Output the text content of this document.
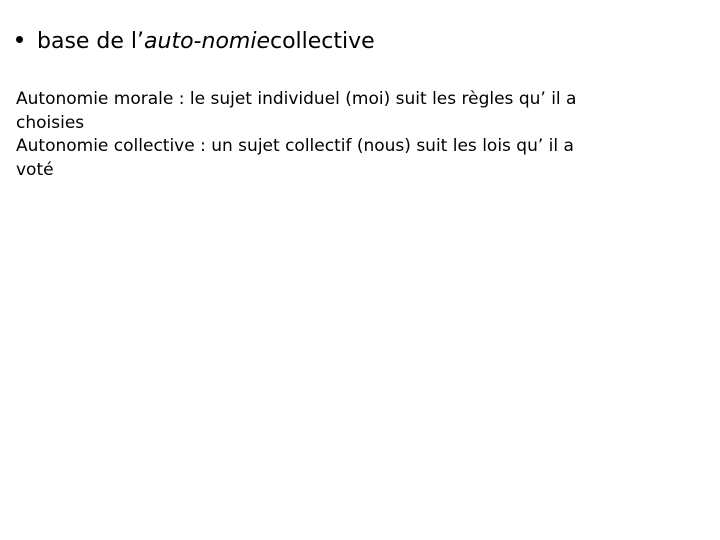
base de l’ auto-nomie collective
Autonomie morale : le sujet individuel (moi) suit les règles qu’ il a
choisies
Autonomie collective : un sujet collectif (nous) suit les lois qu’ il a
voté
